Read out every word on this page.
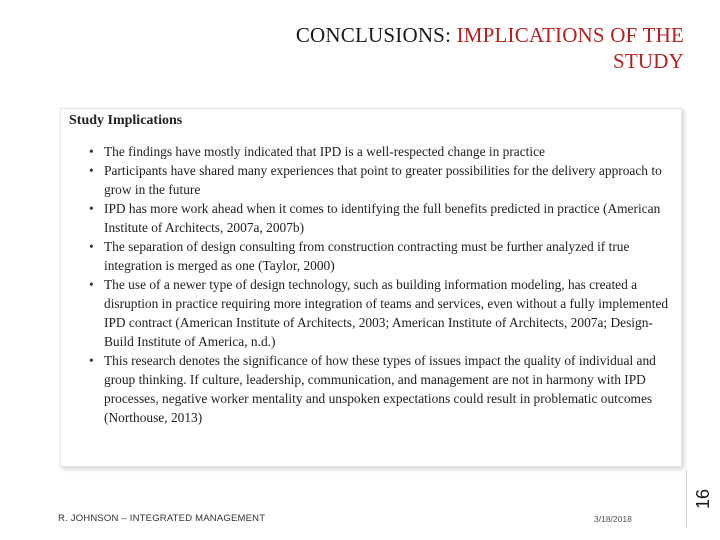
CONCLUSIONS: IMPLICATIONS OF THE
STUDY
Study Implications
• The findings have mostly indicated that IPD is a well-respected change in practice
• Participants have shared many experiences that point to greater possibilities for the delivery approach to grow in the future
• IPD has more work ahead when it comes to identifying the full benefits predicted in practice (American Institute of Architects, 2007a, 2007b)
• The separation of design consulting from construction contracting must be further analyzed if true integration is merged as one (Taylor, 2000)
• The use of a newer type of design technology, such as building information modeling, has created a disruption in practice requiring more integration of teams and services, even without a fully implemented IPD contract (American Institute of Architects, 2003; American Institute of Architects, 2007a; Design-Build Institute of America, n.d.)
• This research denotes the significance of how these types of issues impact the quality of individual and group thinking. If culture, leadership, communication, and management are not in harmony with IPD processes, negative worker mentality and unspoken expectations could result in problematic outcomes (Northouse, 2013)
R. JOHNSON – INTEGRATED MANAGEMENT	3/18/2018
16
